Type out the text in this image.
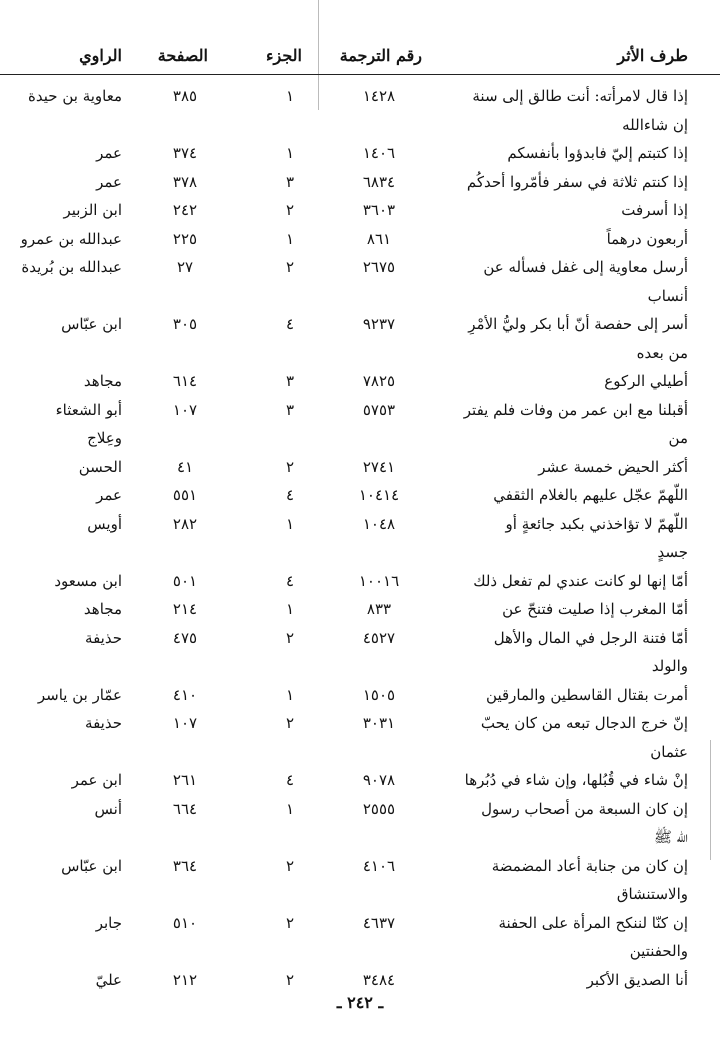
طرف الأثر
رقم الترجمة
الجزء
الصفحة
الراوي
إذا قال لامرأته: أنت طالق إلى سنة
١٤٢٨
١
٣٨٥
معاوية بن حيدة
إن شاءالله
إذا كتبتم إليّ فابدؤوا بأنفسكم
١٤٠٦
١
٣٧٤
عمر
إذا كنتم ثلاثة في سفر فأمّروا أحدكُم
٦٨٣٤
٣
٣٧٨
عمر
إذا أسرفت
٣٦٠٣
٢
٢٤٢
ابن الزبير
أربعون درهماً
٨٦١
١
٢٢٥
عبدالله بن عمرو
أرسل معاوية إلى غفل فسأله عن
٢٦٧٥
٢
٢٧
عبدالله بن بُريدة
أنساب
أسر إلى حفصة أنّ أبا بكر وليُّ الأمْرِ
٩٢٣٧
٤
٣٠٥
ابن عبّاس
من بعده
أطيلي الركوع
٧٨٢٥
٣
٦١٤
مجاهد
أقبلنا مع ابن عمر من وفات فلم يفتر
٥٧٥٣
٣
١٠٧
أبو الشعثاء
من
وعِلاج
أكثر الحيض خمسة عشر
٢٧٤١
٢
٤١
الحسن
اللّهمّ عجّل عليهم بالغلام الثقفي
١٠٤١٤
٤
٥٥١
عمر
اللّهمّ لا تؤاخذني بكبد جائعةٍ أو
١٠٤٨
١
٢٨٢
أويس
جسدٍ
أمّا إنها لو كانت عندي لم تفعل ذلك
١٠٠١٦
٤
٥٠١
ابن مسعود
أمّا المغرب إذا صليت فتنحّ عن
٨٣٣
١
٢١٤
مجاهد
أمّا فتنة الرجل في المال والأهل
٤٥٢٧
٢
٤٧٥
حذيفة
والولد
أمرت بقتال القاسطين والمارقين
١٥٠٥
١
٤١٠
عمّار بن ياسر
إنّ خرج الدجال تبعه من كان يحبّ
٣٠٣١
٢
١٠٧
حذيفة
عثمان
إنْ شاء في قُبُلها، وإن شاء في دُبُرها
٩٠٧٨
٤
٢٦١
ابن عمر
إن كان السبعة من أصحاب رسول
٢٥٥٥
١
٦٦٤
أنس
الله ﷺ
إن كان من جنابة أعاد المضمضة
٤١٠٦
٢
٣٦٤
ابن عبّاس
والاستنشاق
إن كنّا لننكح المرأة على الحفنة
٤٦٣٧
٢
٥١٠
جابر
والحفنتين
أنا الصديق الأكبر
٣٤٨٤
٢
٢١٢
عليّ
ـ ٢٤٢ ـ
